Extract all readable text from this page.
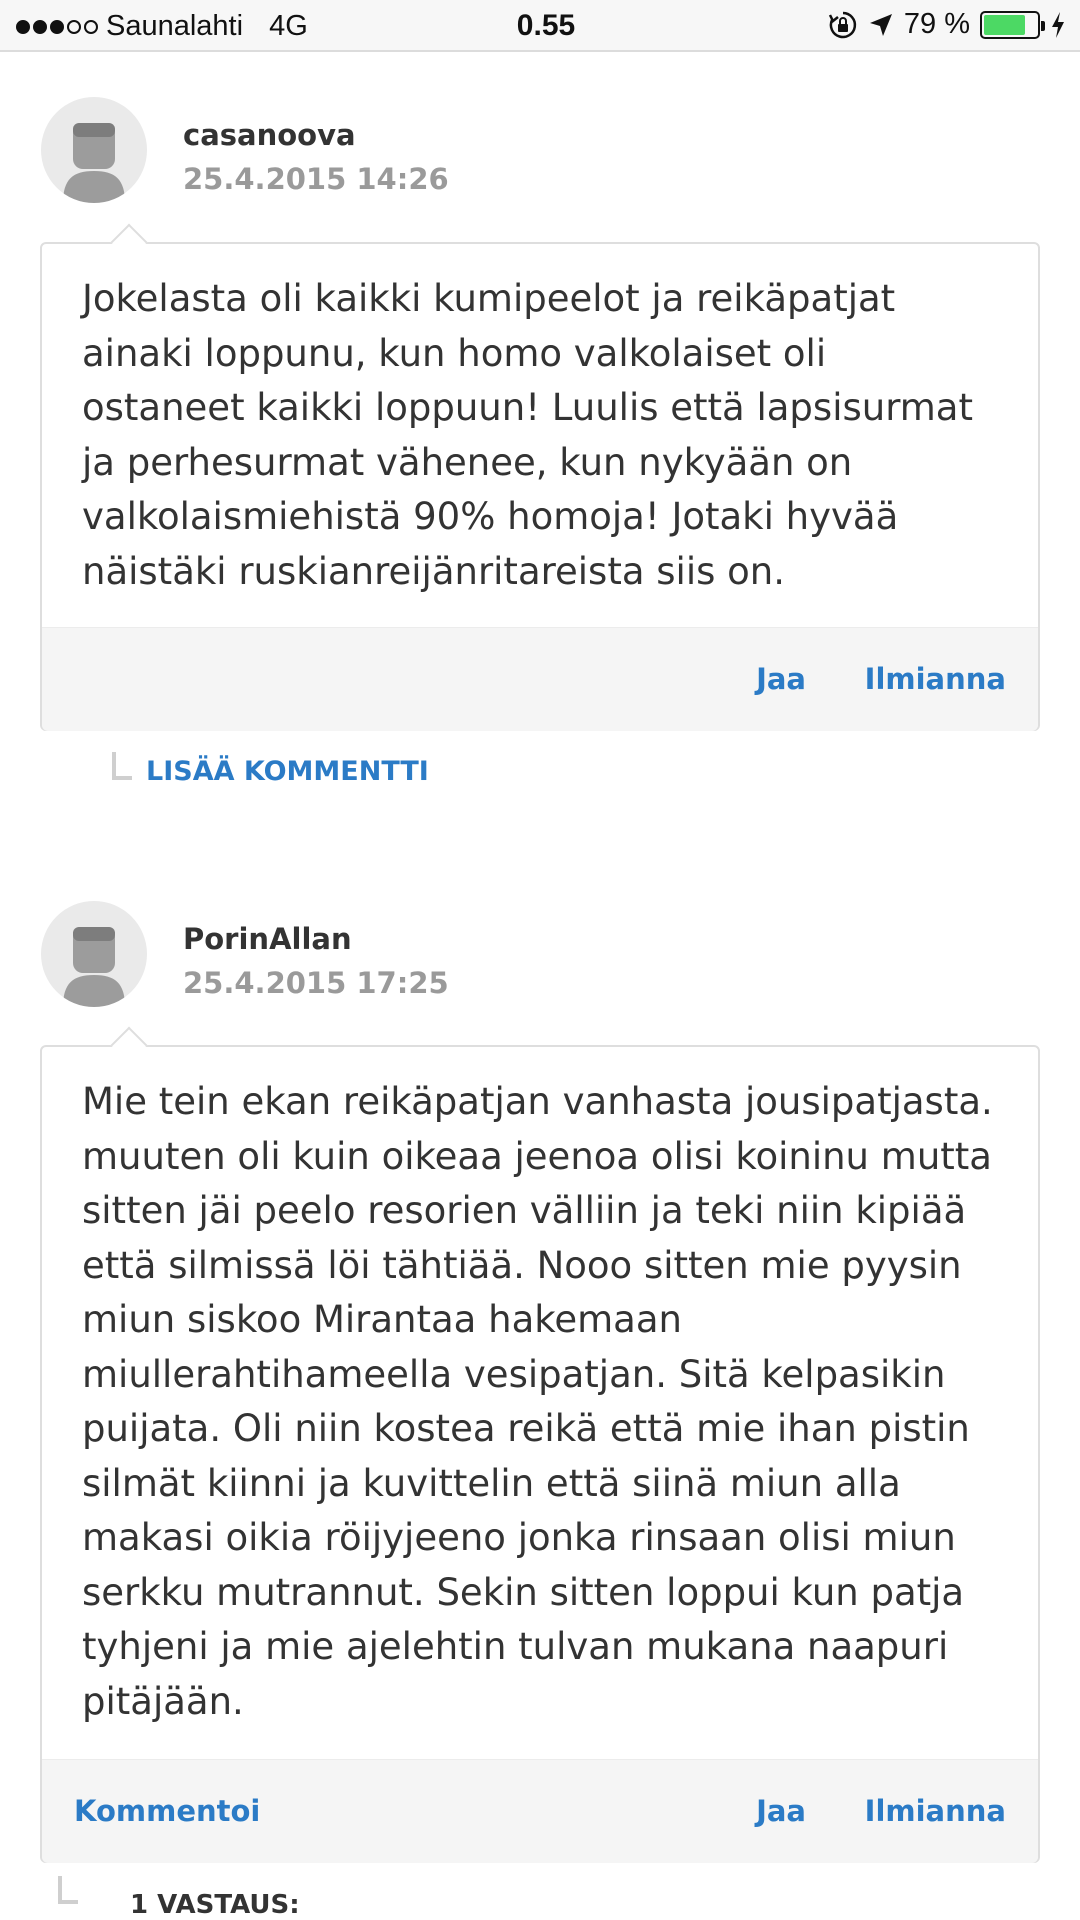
Saunalahti 4G	0.55	79 %
casanoova
25.4.2015 14:26
Jokelasta oli kaikki kumipeelot ja reikäpatjat ainaki loppunu, kun homo valkolaiset oli ostaneet kaikki loppuun! Luulis että lapsisurmat ja perhesurmat vähenee, kun nykyään on valkolaismiehistä 90% homoja! Jotaki hyvää näistäki ruskianreijänritareista siis on.
Jaa Ilmianna
LISÄÄ KOMMENTTI
PorinAllan
25.4.2015 17:25
Mie tein ekan reikäpatjan vanhasta jousipatjasta. muuten oli kuin oikeaa jeenoa olisi koininu mutta sitten jäi peelo resorien välliin ja teki niin kipiää että silmissä löi tähtiää. Nooo sitten mie pyysin miun siskoo Mirantaa hakemaan miullerahtihameella vesipatjan. Sitä kelpasikin puijata. Oli niin kostea reikä että mie ihan pistin silmät kiinni ja kuvittelin että siinä miun alla makasi oikia röijyjeeno jonka rinsaan olisi miun serkku mutrannut. Sekin sitten loppui kun patja tyhjeni ja mie ajelehtin tulvan mukana naapuri pitäjään.
Kommentoi	Jaa Ilmianna
1 VASTAUS:
